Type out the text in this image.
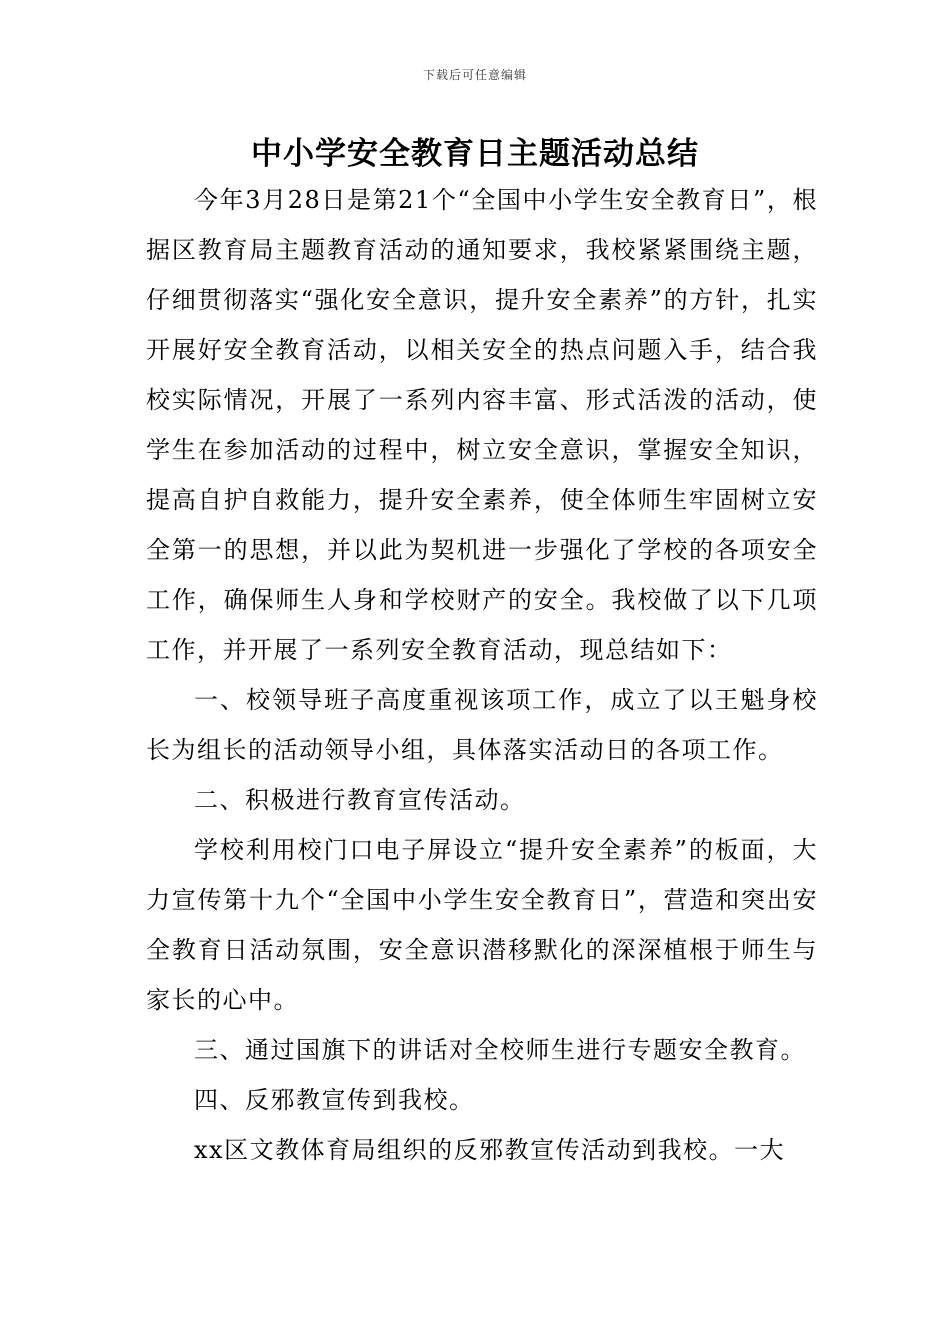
下载后可任意编辑
中小学安全教育日主题活动总结

今年3月28日是第21个“全国中小学生安全教育日”，根据区教育局主题教育活动的通知要求，我校紧紧围绕主题，仔细贯彻落实“强化安全意识，提升安全素养”的方针，扎实开展好安全教育活动，以相关安全的热点问题入手，结合我校实际情况，开展了一系列内容丰富、形式活泼的活动，使学生在参加活动的过程中，树立安全意识，掌握安全知识，提高自护自救能力，提升安全素养，使全体师生牢固树立安全第一的思想，并以此为契机进一步强化了学校的各项安全工作，确保师生人身和学校财产的安全。我校做了以下几项工作，并开展了一系列安全教育活动，现总结如下：

一、校领导班子高度重视该项工作，成立了以王魁身校长为组长的活动领导小组，具体落实活动日的各项工作。

二、积极进行教育宣传活动。

学校利用校门口电子屏设立“提升安全素养”的板面，大力宣传第十九个“全国中小学生安全教育日”，营造和突出安全教育日活动氛围，安全意识潜移默化的深深植根于师生与家长的心中。

三、通过国旗下的讲话对全校师生进行专题安全教育。

四、反邪教宣传到我校。

xx区文教体育局组织的反邪教宣传活动到我校。一大
